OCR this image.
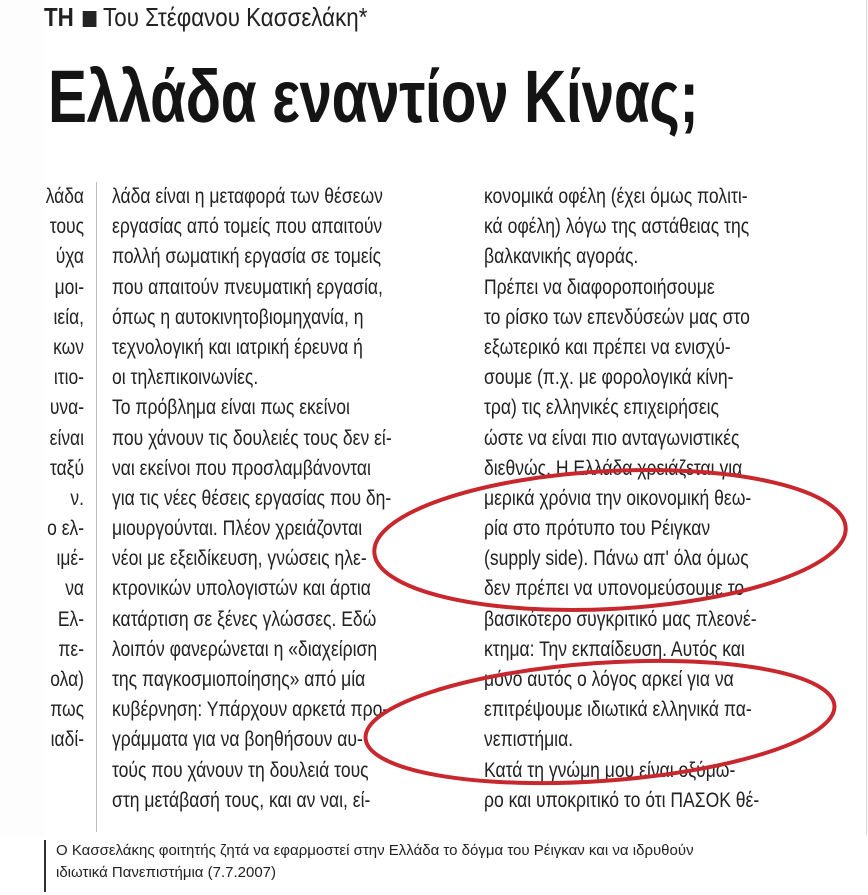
ΤΗ Του Στέφανου Κασσελάκη*
Ελλάδα εναντίον Κίνας;
λάδα
τους
ύχα
μοι-
ιεία,
κων
ιτιο-
υνα-
είναι
ταξύ
ν.
ο ελ-
ιμέ-
να
Ελ-
πε-
ολα)
πως
ιαδί-
λάδα είναι η μεταφορά των θέσεων
εργασίας από τομείς που απαιτούν
πολλή σωματική εργασία σε τομείς
που απαιτούν πνευματική εργασία,
όπως η αυτοκινητοβιομηχανία, η
τεχνολογική και ιατρική έρευνα ή
οι τηλεπικοινωνίες.
Το πρόβλημα είναι πως εκείνοι
που χάνουν τις δουλειές τους δεν εί-
ναι εκείνοι που προσλαμβάνονται
για τις νέες θέσεις εργασίας που δη-
μιουργούνται. Πλέον χρειάζονται
νέοι με εξειδίκευση, γνώσεις ηλε-
κτρονικών υπολογιστών και άρτια
κατάρτιση σε ξένες γλώσσες. Εδώ
λοιπόν φανερώνεται η «διαχείριση
της παγκοσμιοποίησης» από μία
κυβέρνηση: Υπάρχουν αρκετά προ-
γράμματα για να βοηθήσουν αυ-
τούς που χάνουν τη δουλειά τους
στη μετάβασή τους, και αν ναι, εί-
κονομικά οφέλη (έχει όμως πολιτι-
κά οφέλη) λόγω της αστάθειας της
βαλκανικής αγοράς.
Πρέπει να διαφοροποιήσουμε
το ρίσκο των επενδύσεών μας στο
εξωτερικό και πρέπει να ενισχύ-
σουμε (π.χ. με φορολογικά κίνη-
τρα) τις ελληνικές επιχειρήσεις
ώστε να είναι πιο ανταγωνιστικές
διεθνώς. Η Ελλάδα χρειάζεται για
μερικά χρόνια την οικονομική θεω-
ρία στο πρότυπο του Ρέιγκαν
(supply side). Πάνω απ' όλα όμως
δεν πρέπει να υπονομεύσουμε το
βασικότερο συγκριτικό μας πλεονέ-
κτημα: Την εκπαίδευση. Αυτός και
μόνο αυτός ο λόγος αρκεί για να
επιτρέψουμε ιδιωτικά ελληνικά πα-
νεπιστήμια.
Κατά τη γνώμη μου είναι οξύμω-
ρο και υποκριτικό το ότι ΠΑΣΟΚ θέ-
Ο Κασσελάκης φοιτητής ζητά να εφαρμοστεί στην Ελλάδα το δόγμα του Ρέιγκαν και να ιδρυθούν
ιδιωτικά Πανεπιστήμια (7.7.2007)
